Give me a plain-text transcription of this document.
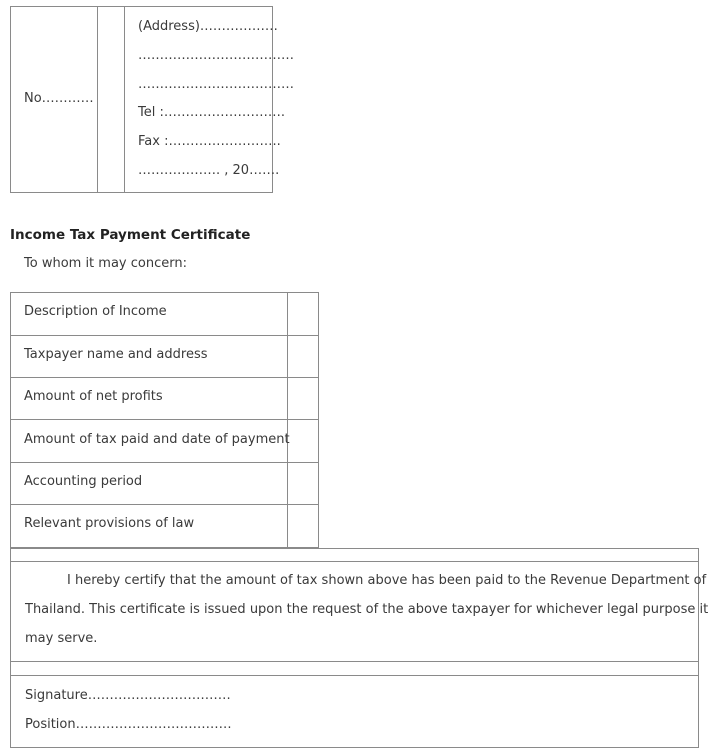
No…………
(Address)………………
………………………………
………………………………
Tel :……………………….
Fax :……………………..
………………. , 20…….
Income Tax Payment Certificate
To whom it may concern:
Description of Income
Taxpayer name and address
Amount of net profits
Amount of tax paid and date of payment
Accounting period
Relevant provisions of law
I hereby certify that the amount of tax shown above has been paid to the Revenue Department of
Thailand. This certificate is issued upon the request of the above taxpayer for whichever legal purpose it
may serve.
Signature……………………………
Position………………………………
